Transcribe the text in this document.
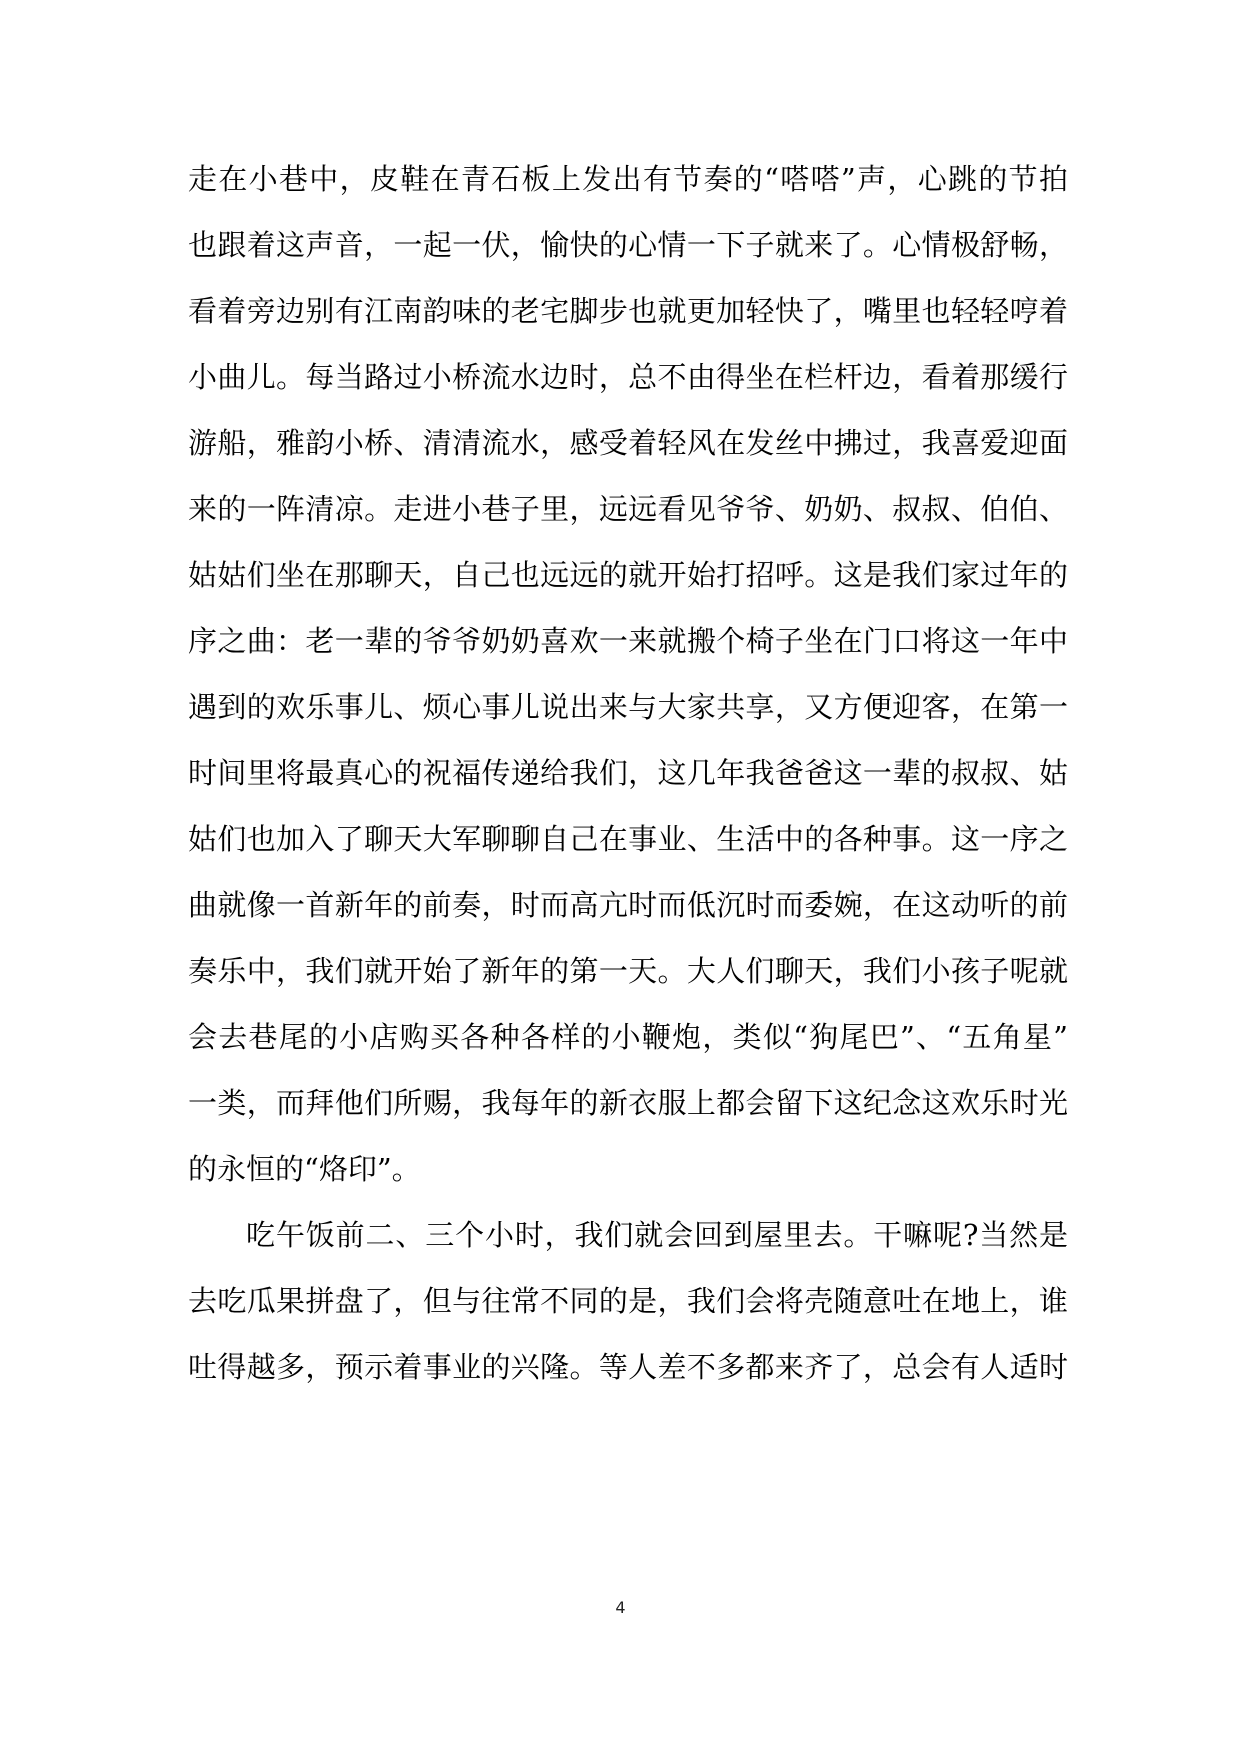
走在小巷中，皮鞋在青石板上发出有节奏的“嗒嗒”声，心跳的节拍
也跟着这声音，一起一伏，愉快的心情一下子就来了。心情极舒畅，
看着旁边别有江南韵味的老宅脚步也就更加轻快了，嘴里也轻轻哼着
小曲儿。每当路过小桥流水边时，总不由得坐在栏杆边，看着那缓行
游船，雅韵小桥、清清流水，感受着轻风在发丝中拂过，我喜爱迎面
来的一阵清凉。走进小巷子里，远远看见爷爷、奶奶、叔叔、伯伯、
姑姑们坐在那聊天，自己也远远的就开始打招呼。这是我们家过年的
序之曲：老一辈的爷爷奶奶喜欢一来就搬个椅子坐在门口将这一年中
遇到的欢乐事儿、烦心事儿说出来与大家共享，又方便迎客，在第一
时间里将最真心的祝福传递给我们，这几年我爸爸这一辈的叔叔、姑
姑们也加入了聊天大军聊聊自己在事业、生活中的各种事。这一序之
曲就像一首新年的前奏，时而高亢时而低沉时而委婉，在这动听的前
奏乐中，我们就开始了新年的第一天。大人们聊天，我们小孩子呢就
会去巷尾的小店购买各种各样的小鞭炮，类似“狗尾巴”、“五角星”
一类，而拜他们所赐，我每年的新衣服上都会留下这纪念这欢乐时光
的永恒的“烙印”。
吃午饭前二、三个小时，我们就会回到屋里去。干嘛呢?当然是
去吃瓜果拼盘了，但与往常不同的是，我们会将壳随意吐在地上，谁
吐得越多，预示着事业的兴隆。等人差不多都来齐了，总会有人适时
4
